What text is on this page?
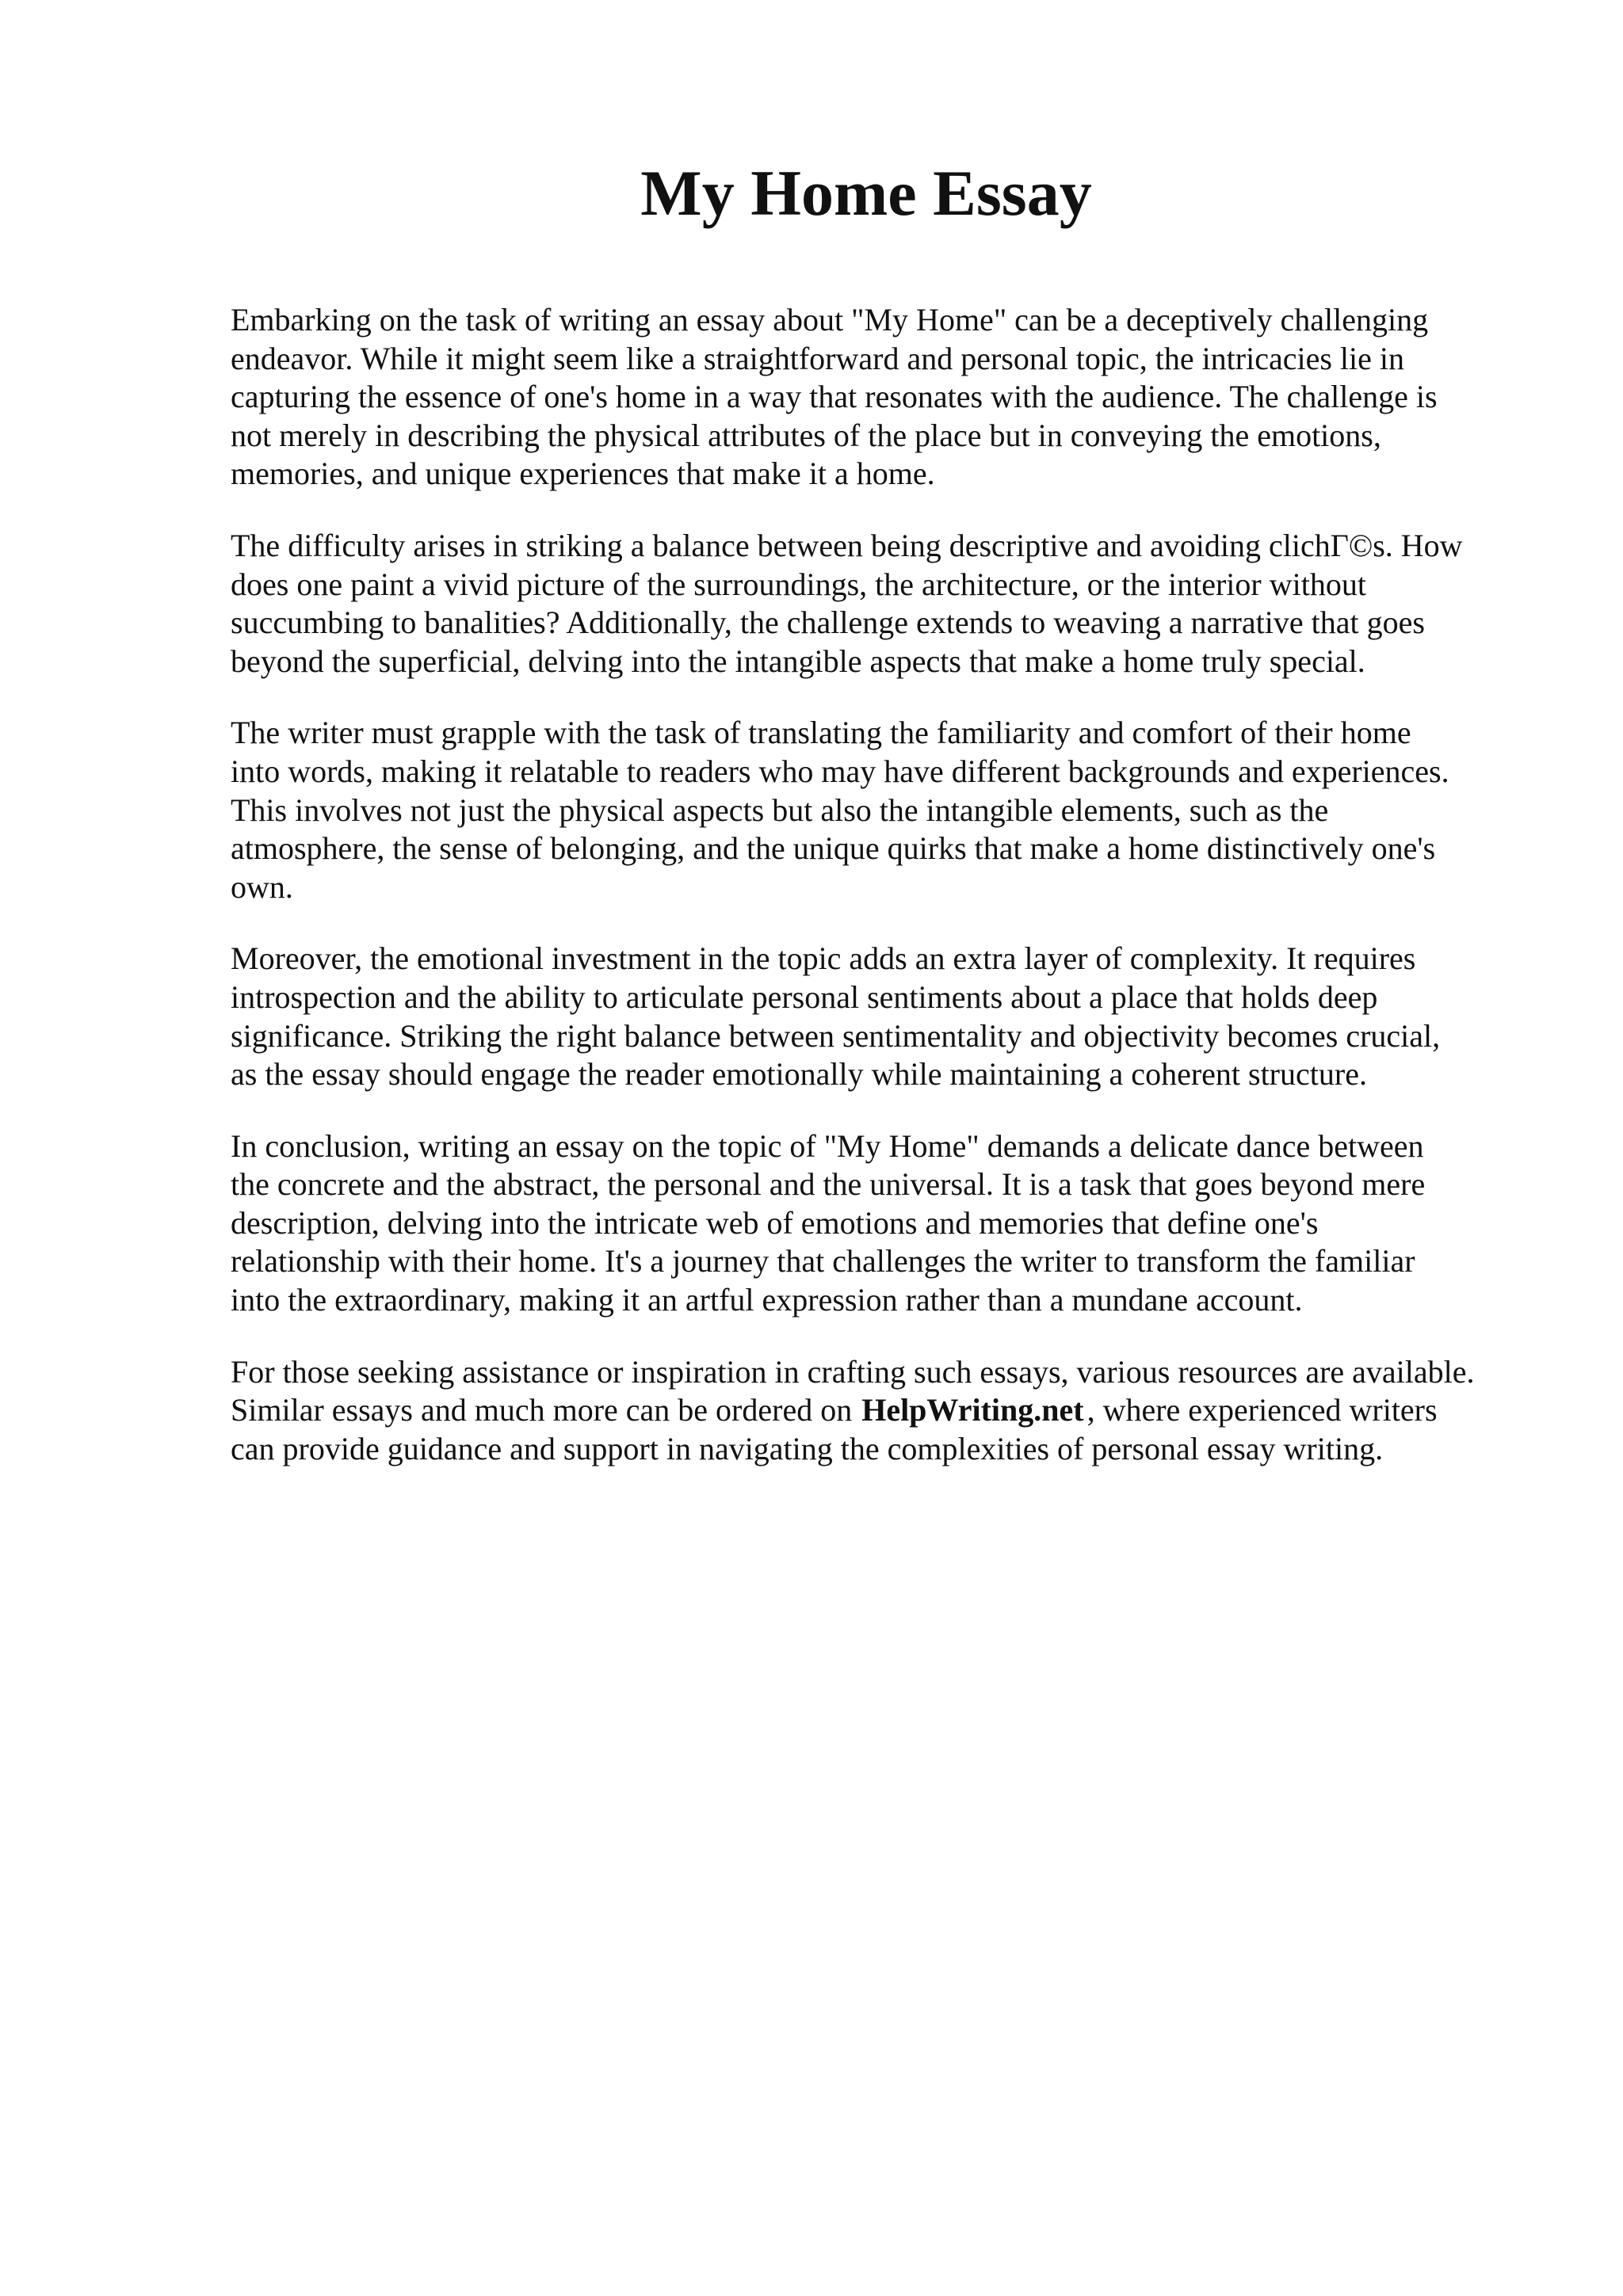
My Home Essay

Embarking on the task of writing an essay about "My Home" can be a deceptively challenging
endeavor. While it might seem like a straightforward and personal topic, the intricacies lie in
capturing the essence of one's home in a way that resonates with the audience. The challenge is
not merely in describing the physical attributes of the place but in conveying the emotions,
memories, and unique experiences that make it a home.

The difficulty arises in striking a balance between being descriptive and avoiding clichΓ©s. How
does one paint a vivid picture of the surroundings, the architecture, or the interior without
succumbing to banalities? Additionally, the challenge extends to weaving a narrative that goes
beyond the superficial, delving into the intangible aspects that make a home truly special.

The writer must grapple with the task of translating the familiarity and comfort of their home
into words, making it relatable to readers who may have different backgrounds and experiences.
This involves not just the physical aspects but also the intangible elements, such as the
atmosphere, the sense of belonging, and the unique quirks that make a home distinctively one's
own.

Moreover, the emotional investment in the topic adds an extra layer of complexity. It requires
introspection and the ability to articulate personal sentiments about a place that holds deep
significance. Striking the right balance between sentimentality and objectivity becomes crucial,
as the essay should engage the reader emotionally while maintaining a coherent structure.

In conclusion, writing an essay on the topic of "My Home" demands a delicate dance between
the concrete and the abstract, the personal and the universal. It is a task that goes beyond mere
description, delving into the intricate web of emotions and memories that define one's
relationship with their home. It's a journey that challenges the writer to transform the familiar
into the extraordinary, making it an artful expression rather than a mundane account.

For those seeking assistance or inspiration in crafting such essays, various resources are available.
Similar essays and much more can be ordered on HelpWriting.net , where experienced writers
can provide guidance and support in navigating the complexities of personal essay writing.
